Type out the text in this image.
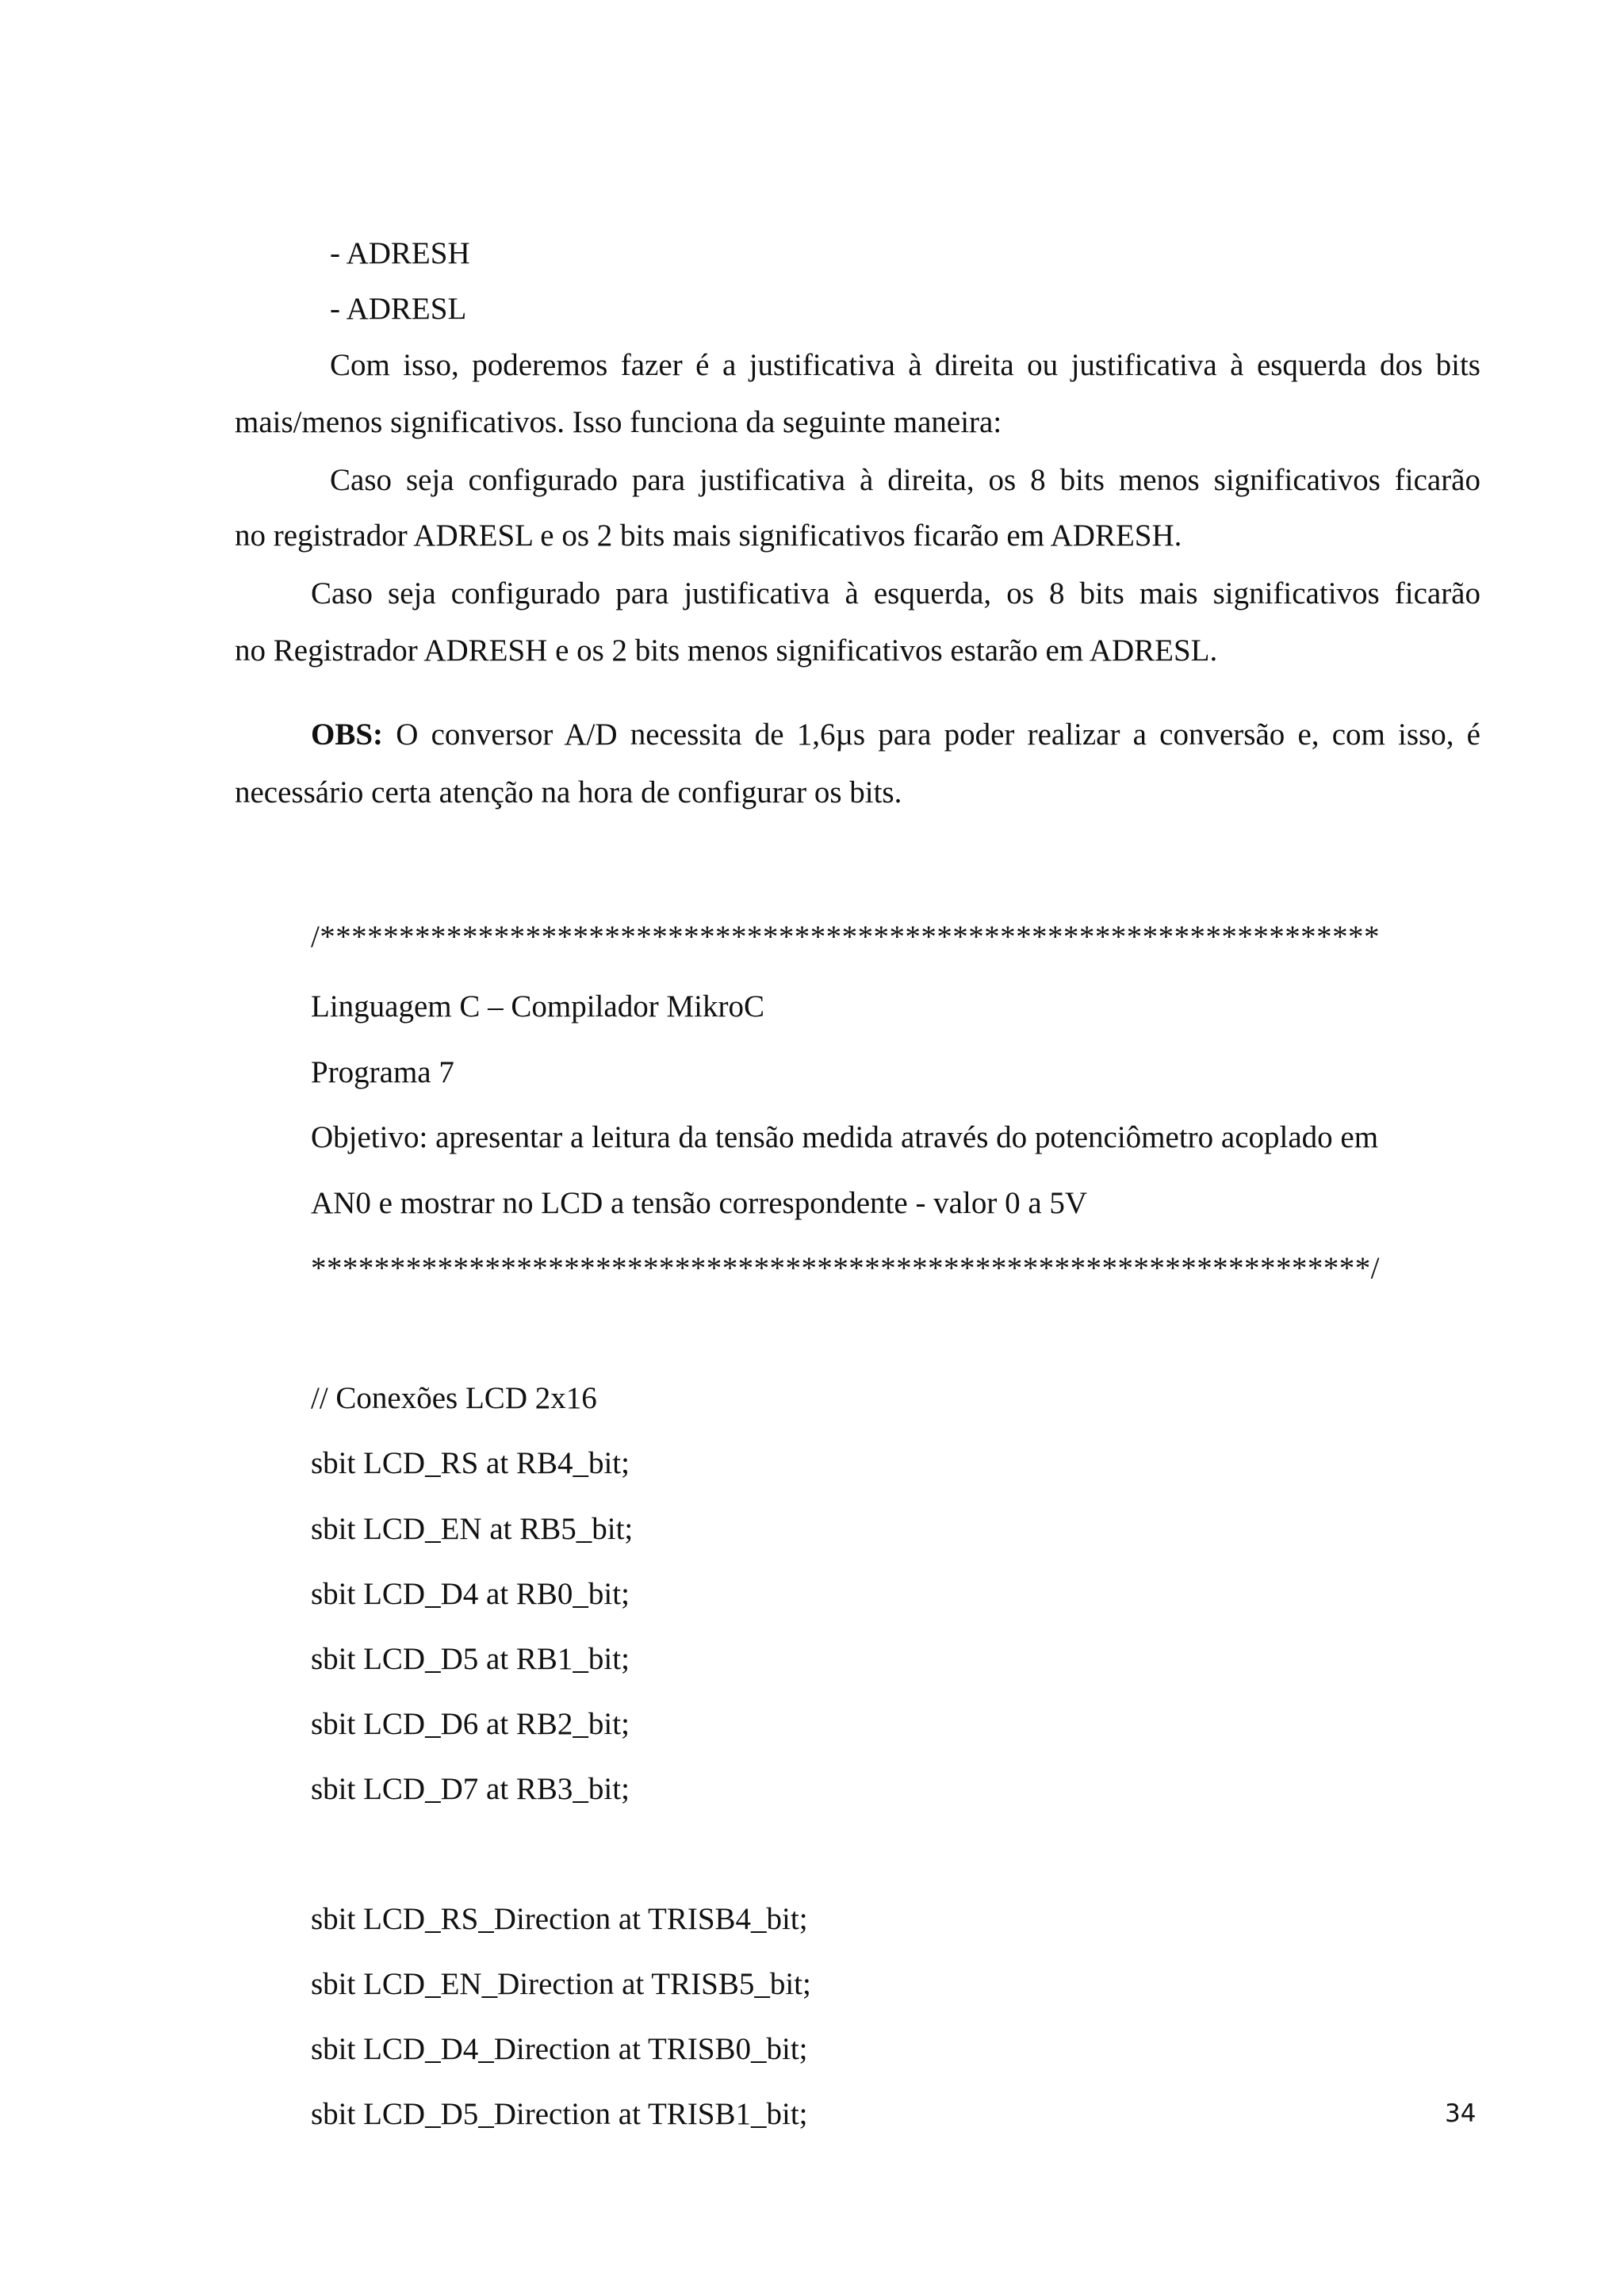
- ADRESH
- ADRESL
Com isso, poderemos fazer é a justificativa à direita ou justificativa à esquerda dos bits
mais/menos significativos. Isso funciona da seguinte maneira:
Caso seja configurado para justificativa à direita, os 8 bits menos significativos ficarão
no registrador ADRESL e os 2 bits mais significativos ficarão em ADRESH.
Caso seja configurado para justificativa à esquerda, os 8 bits mais significativos ficarão
no Registrador ADRESH e os 2 bits menos significativos estarão em ADRESL.
OBS: O conversor A/D necessita de 1,6µs para poder realizar a conversão e, com isso, é
necessário certa atenção na hora de configurar os bits.
/*******************************************************************
Linguagem C – Compilador MikroC
Programa 7
Objetivo: apresentar a leitura da tensão medida através do potenciômetro acoplado em
AN0 e mostrar no LCD a tensão correspondente - valor 0 a 5V
*******************************************************************/
// Conexões LCD 2x16
sbit LCD_RS at RB4_bit;
sbit LCD_EN at RB5_bit;
sbit LCD_D4 at RB0_bit;
sbit LCD_D5 at RB1_bit;
sbit LCD_D6 at RB2_bit;
sbit LCD_D7 at RB3_bit;
sbit LCD_RS_Direction at TRISB4_bit;
sbit LCD_EN_Direction at TRISB5_bit;
sbit LCD_D4_Direction at TRISB0_bit;
sbit LCD_D5_Direction at TRISB1_bit;	34
